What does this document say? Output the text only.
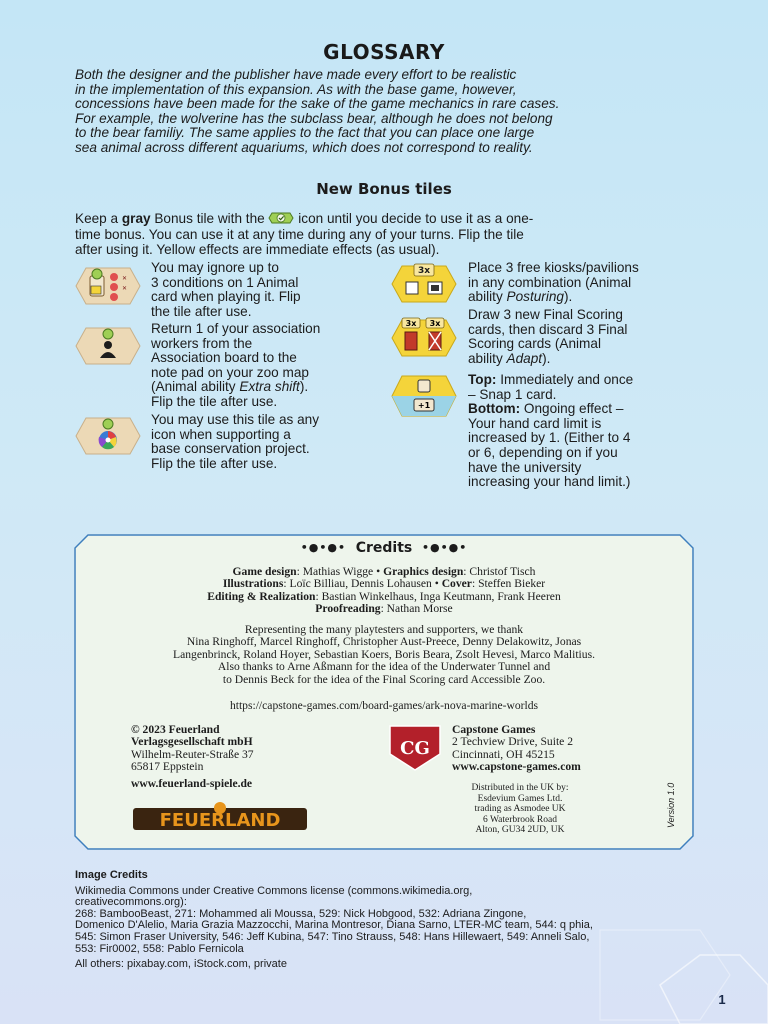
GLOSSARY
Both the designer and the publisher have made every effort to be realistic
in the implementation of this expansion. As with the base game, however,
concessions have been made for the sake of the game mechanics in rare cases.
For example, the wolverine has the subclass bear, although he does not belong
to the bear familiy. The same applies to the fact that you can place one large
sea animal across different aquariums, which does not correspond to reality.
New Bonus tiles
Keep a gray Bonus tile with the  icon until you decide to use it as a one-
time bonus. You can use it at any time during any of your turns. Flip the tile
after using it. Yellow effects are immediate effects (as usual).
✕
✕
3x
3x 3x
+1
You may ignore up to
3 conditions on 1 Animal
card when playing it. Flip
the tile after use.
Return 1 of your association
workers from the
Association board to the
note pad on your zoo map
(Animal ability Extra shift).
Flip the tile after use.
You may use this tile as any
icon when supporting a
base conservation project.
Flip the tile after use.
Place 3 free kiosks/pavilions
in any combination (Animal
ability Posturing).
Draw 3 new Final Scoring
cards, then discard 3 Final
Scoring cards (Animal
ability Adapt).
Top: Immediately and once
– Snap 1 card.
Bottom: Ongoing effect –
Your hand card limit is
increased by 1. (Either to 4
or 6, depending on if you
have the university
increasing your hand limit.)
•●•●• Credits •●•●•
Game design: Mathias Wigge • Graphics design: Christof Tisch
Illustrations: Loïc Billiau, Dennis Lohausen • Cover: Steffen Bieker
Editing & Realization: Bastian Winkelhaus, Inga Keutmann, Frank Heeren
Proofreading: Nathan Morse
Representing the many playtesters and supporters, we thank
Nina Ringhoff, Marcel Ringhoff, Christopher Aust-Preece, Denny Delakowitz, Jonas
Langenbrinck, Roland Hoyer, Sebastian Koers, Boris Beara, Zsolt Hevesi, Marco Malitius.
Also thanks to Arne Aßmann for the idea of the Underwater Tunnel and
to Dennis Beck for the idea of the Final Scoring card Accessible Zoo.
https://capstone-games.com/board-games/ark-nova-marine-worlds
© 2023 Feuerland
Verlagsgesellschaft mbH
Wilhelm-Reuter-Straße 37
65817 Eppstein
www.feuerland-spiele.de
FEUERLAND
CG
Capstone Games
2 Techview Drive, Suite 2
Cincinnati, OH 45215
www.capstone-games.com
Distributed in the UK by:
Esdevium Games Ltd.
trading as Asmodee UK
6 Waterbrook Road
Alton, GU34 2UD, UK
Version 1.0

Image Credits

Wikimedia Commons under Creative Commons license (commons.wikimedia.org,
creativecommons.org):
268: BambooBeast, 271: Mohammed ali Moussa, 529: Nick Hobgood, 532: Adriana Zingone,
Domenico D'Alelio, Maria Grazia Mazzocchi, Marina Montresor, Diana Sarno, LTER-MC team, 544: q phia,
545: Simon Fraser University, 546: Jeff Kubina, 547: Tino Strauss, 548: Hans Hillewaert, 549: Anneli Salo,
553: Fir0002, 558: Pablo Fernicola

All others: pixabay.com, iStock.com, private

1
